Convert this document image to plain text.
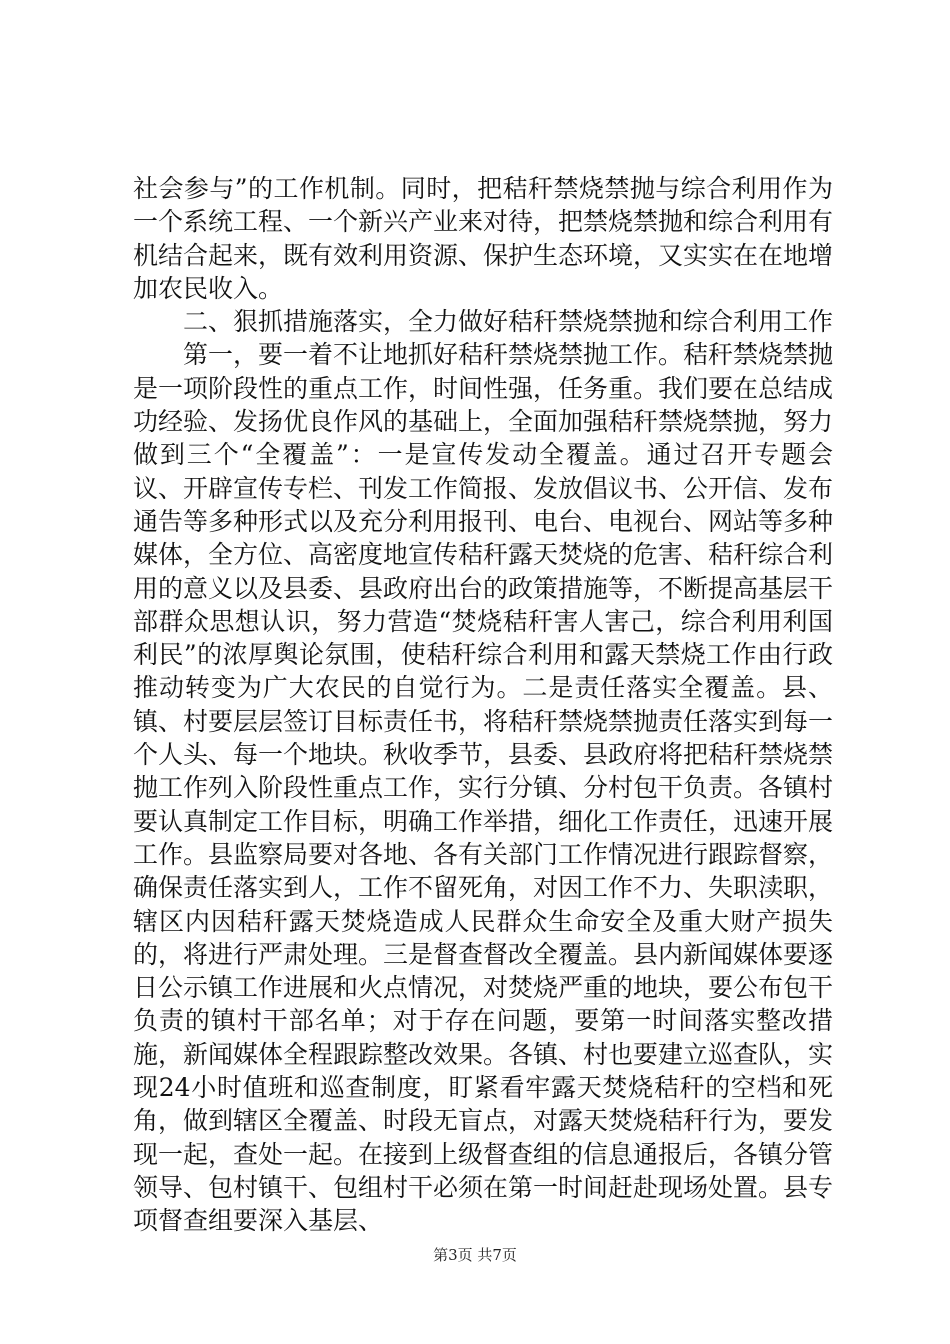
社会参与”的工作机制。同时，把秸秆禁烧禁抛与综合利用作为一个系统工程、一个新兴产业来对待，把禁烧禁抛和综合利用有机结合起来，既有效利用资源、保护生态环境，又实实在在地增加农民收入。

二、狠抓措施落实，全力做好秸秆禁烧禁抛和综合利用工作

第一，要一着不让地抓好秸秆禁烧禁抛工作。秸秆禁烧禁抛是一项阶段性的重点工作，时间性强，任务重。我们要在总结成功经验、发扬优良作风的基础上，全面加强秸秆禁烧禁抛，努力做到三个“全覆盖”：一是宣传发动全覆盖。通过召开专题会议、开辟宣传专栏、刊发工作简报、发放倡议书、公开信、发布通告等多种形式以及充分利用报刊、电台、电视台、网站等多种媒体，全方位、高密度地宣传秸秆露天焚烧的危害、秸秆综合利用的意义以及县委、县政府出台的政策措施等，不断提高基层干部群众思想认识，努力营造“焚烧秸秆害人害己，综合利用利国利民”的浓厚舆论氛围，使秸秆综合利用和露天禁烧工作由行政推动转变为广大农民的自觉行为。二是责任落实全覆盖。县、镇、村要层层签订目标责任书，将秸秆禁烧禁抛责任落实到每一个人头、每一个地块。秋收季节，县委、县政府将把秸秆禁烧禁抛工作列入阶段性重点工作，实行分镇、分村包干负责。各镇村要认真制定工作目标，明确工作举措，细化工作责任，迅速开展工作。县监察局要对各地、各有关部门工作情况进行跟踪督察，确保责任落实到人，工作不留死角，对因工作不力、失职渎职，辖区内因秸秆露天焚烧造成人民群众生命安全及重大财产损失的，将进行严肃处理。三是督查督改全覆盖。县内新闻媒体要逐日公示镇工作进展和火点情况，对焚烧严重的地块，要公布包干负责的镇村干部名单；对于存在问题，要第一时间落实整改措施，新闻媒体全程跟踪整改效果。各镇、村也要建立巡查队，实现24小时值班和巡查制度，盯紧看牢露天焚烧秸秆的空档和死角，做到辖区全覆盖、时段无盲点，对露天焚烧秸秆行为，要发现一起，查处一起。在接到上级督查组的信息通报后，各镇分管领导、包村镇干、包组村干必须在第一时间赶赴现场处置。县专项督查组要深入基层、

第3页 共7页
